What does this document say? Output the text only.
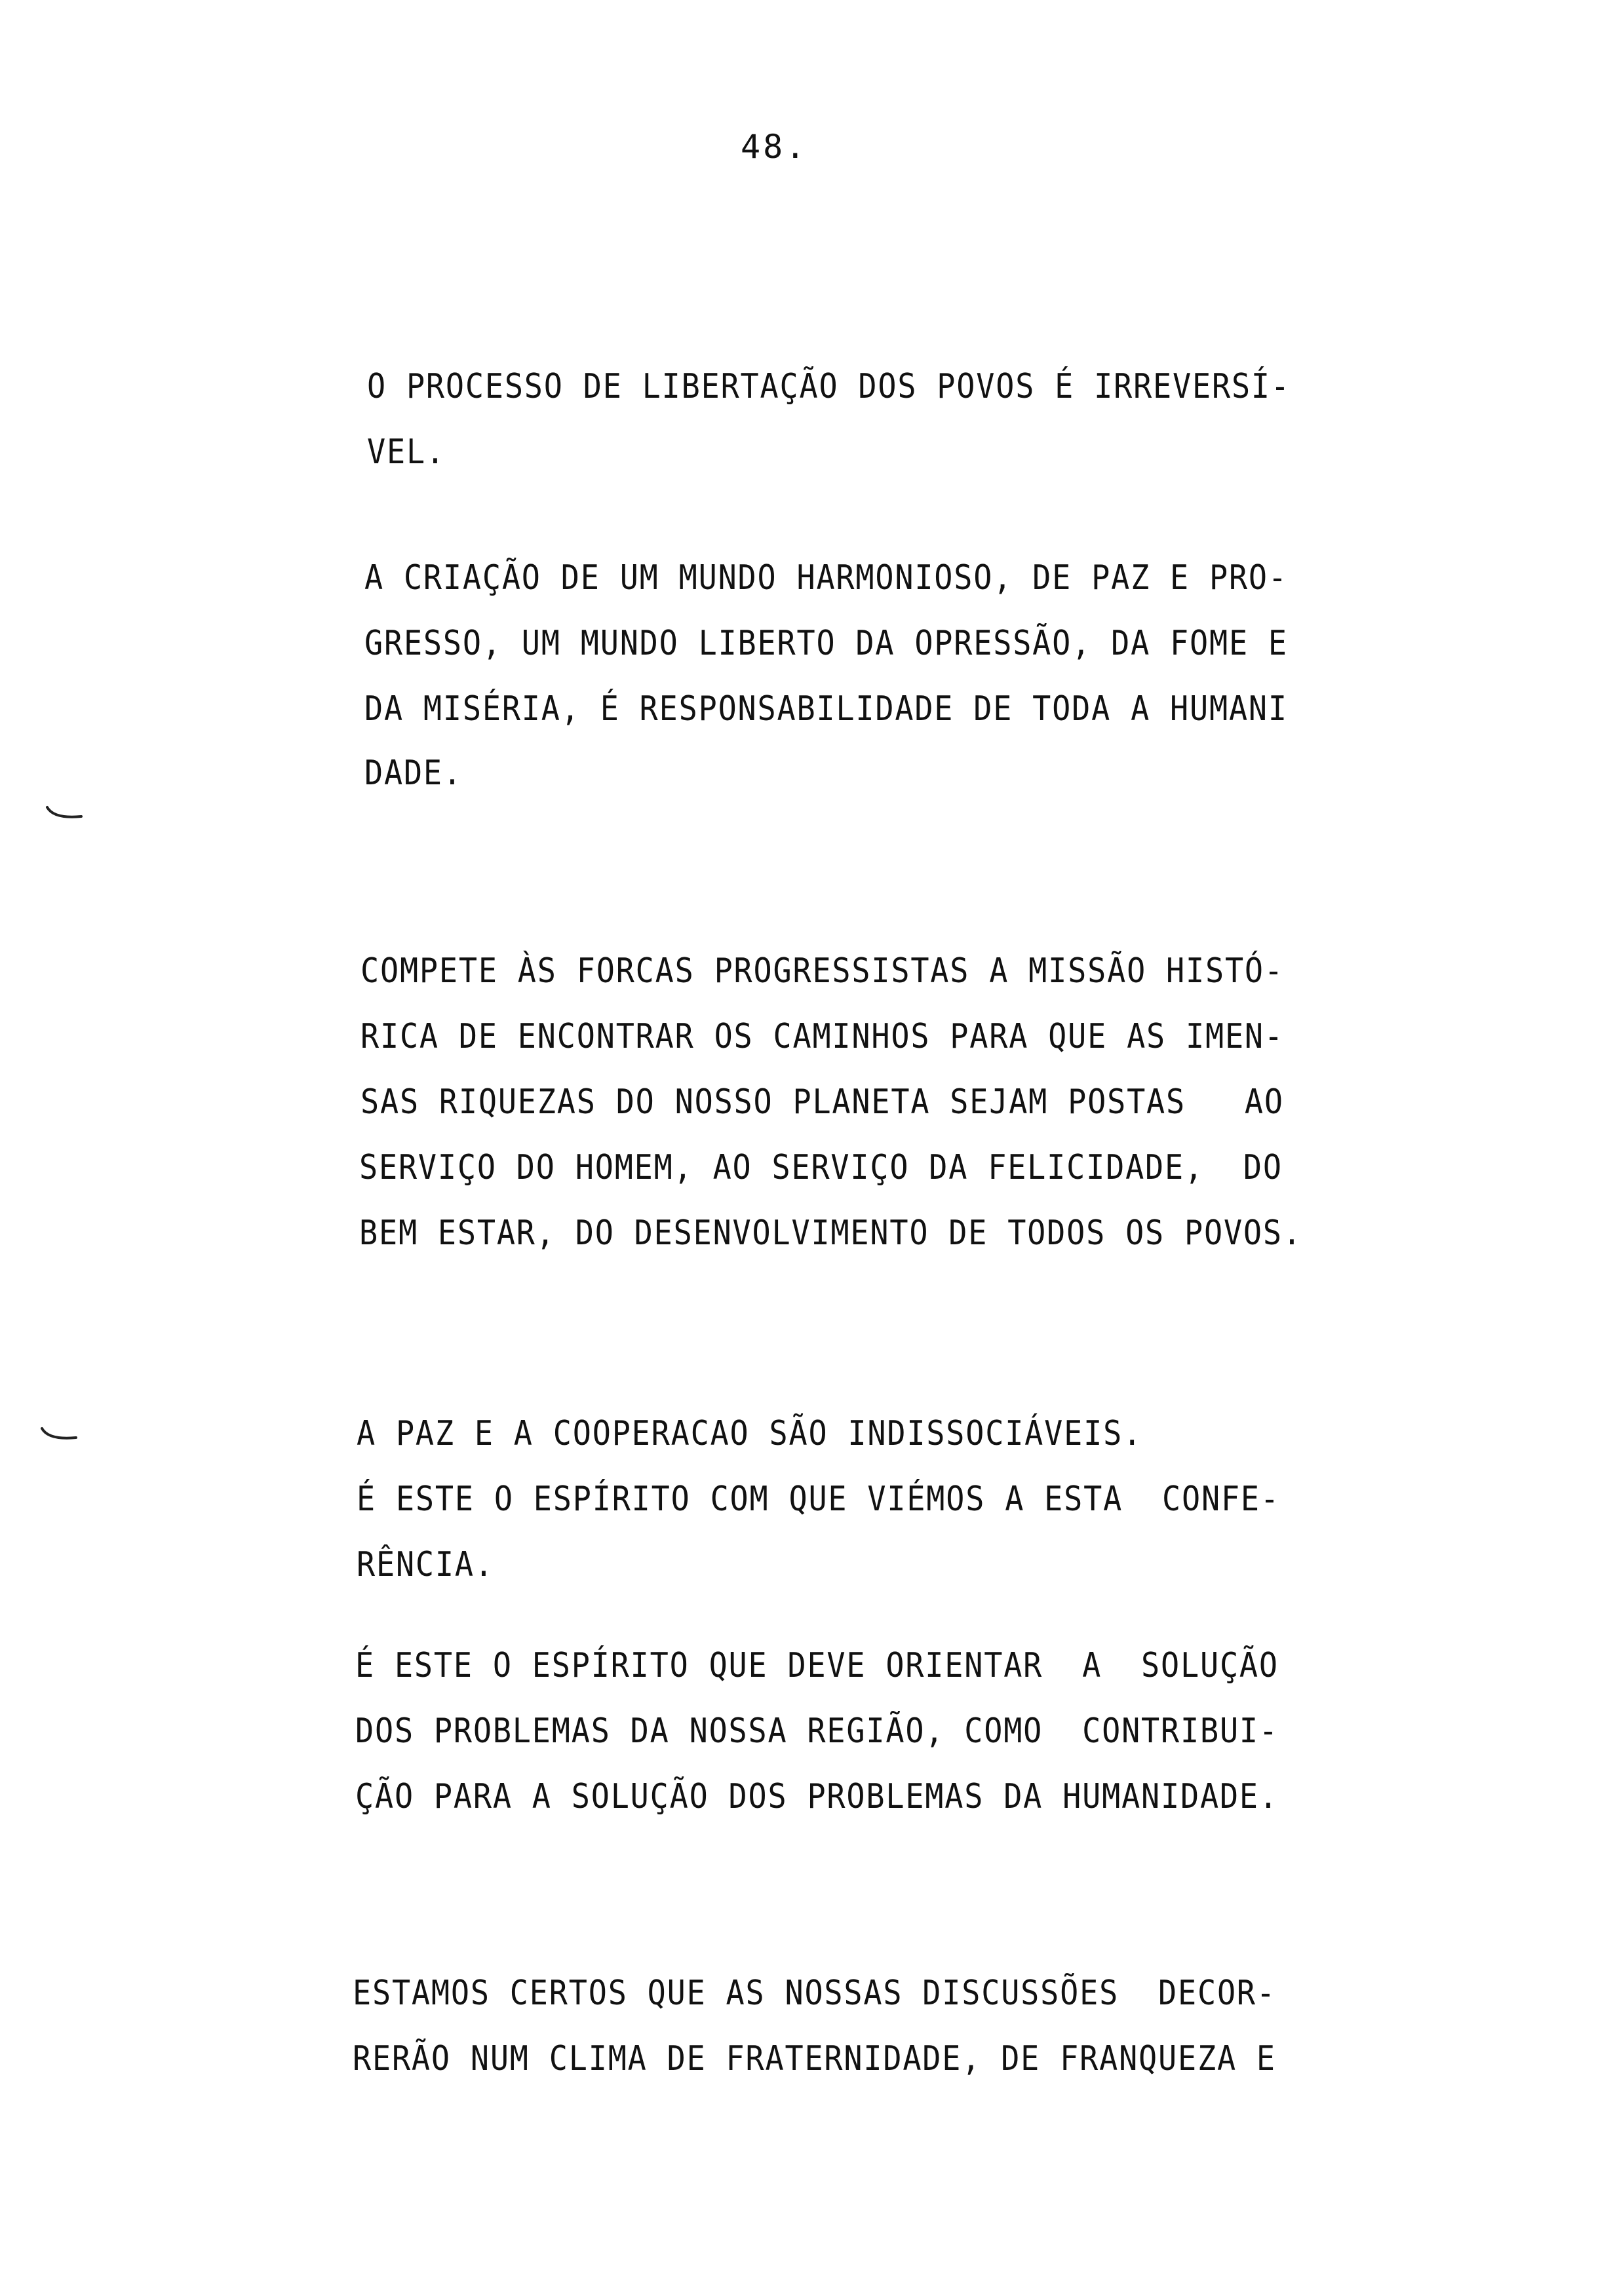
48.
O PROCESSO DE LIBERTAÇÃO DOS POVOS É IRREVERSÍ-
VEL.
A CRIAÇÃO DE UM MUNDO HARMONIOSO, DE PAZ E PRO-
GRESSO, UM MUNDO LIBERTO DA OPRESSÃO, DA FOME E
DA MISÉRIA, É RESPONSABILIDADE DE TODA A HUMANI
DADE.
COMPETE ÀS FORCAS PROGRESSISTAS A MISSÃO HISTÓ-
RICA DE ENCONTRAR OS CAMINHOS PARA QUE AS IMEN-
SAS RIQUEZAS DO NOSSO PLANETA SEJAM POSTAS   AO
SERVIÇO DO HOMEM, AO SERVIÇO DA FELICIDADE,  DO
BEM ESTAR, DO DESENVOLVIMENTO DE TODOS OS POVOS.
A PAZ E A COOPERACAO SÃO INDISSOCIÁVEIS.
É ESTE O ESPÍRITO COM QUE VIÉMOS A ESTA  CONFE-
RÊNCIA.
É ESTE O ESPÍRITO QUE DEVE ORIENTAR  A  SOLUÇÃO
DOS PROBLEMAS DA NOSSA REGIÃO, COMO  CONTRIBUI-
ÇÃO PARA A SOLUÇÃO DOS PROBLEMAS DA HUMANIDADE.
ESTAMOS CERTOS QUE AS NOSSAS DISCUSSÕES  DECOR-
RERÃO NUM CLIMA DE FRATERNIDADE, DE FRANQUEZA E
